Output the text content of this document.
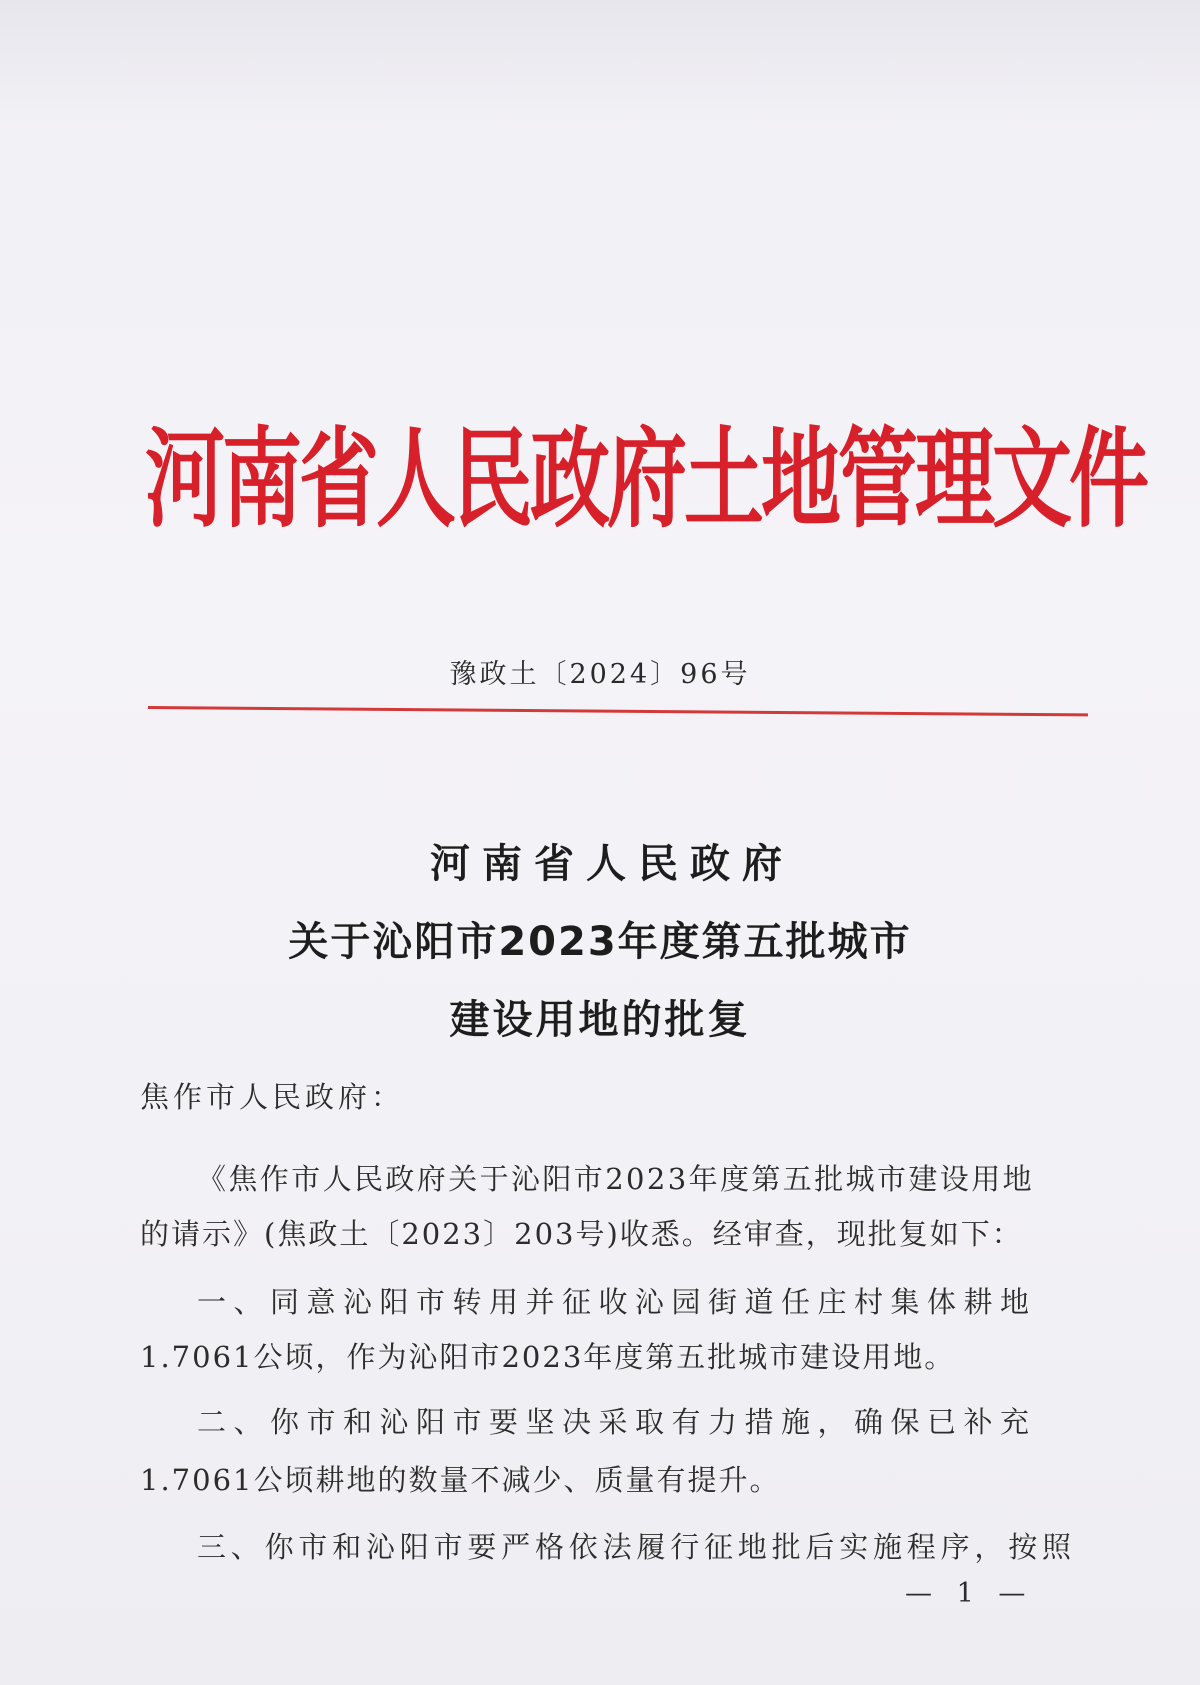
河南省人民政府土地管理文件
豫政土〔2024〕96号
河南省人民政府
关于沁阳市2023年度第五批城市
建设用地的批复
焦作市人民政府：
《焦作市人民政府关于沁阳市2023年度第五批城市建设用地
的请示》(焦政土〔2023〕203号)收悉。经审查，现批复如下：
一、同意沁阳市转用并征收沁园街道任庄村集体耕地
1.7061公顷，作为沁阳市2023年度第五批城市建设用地。
二、你市和沁阳市要坚决采取有力措施，确保已补充
1.7061公顷耕地的数量不减少、质量有提升。
三、你市和沁阳市要严格依法履行征地批后实施程序，按照
— 1 —
